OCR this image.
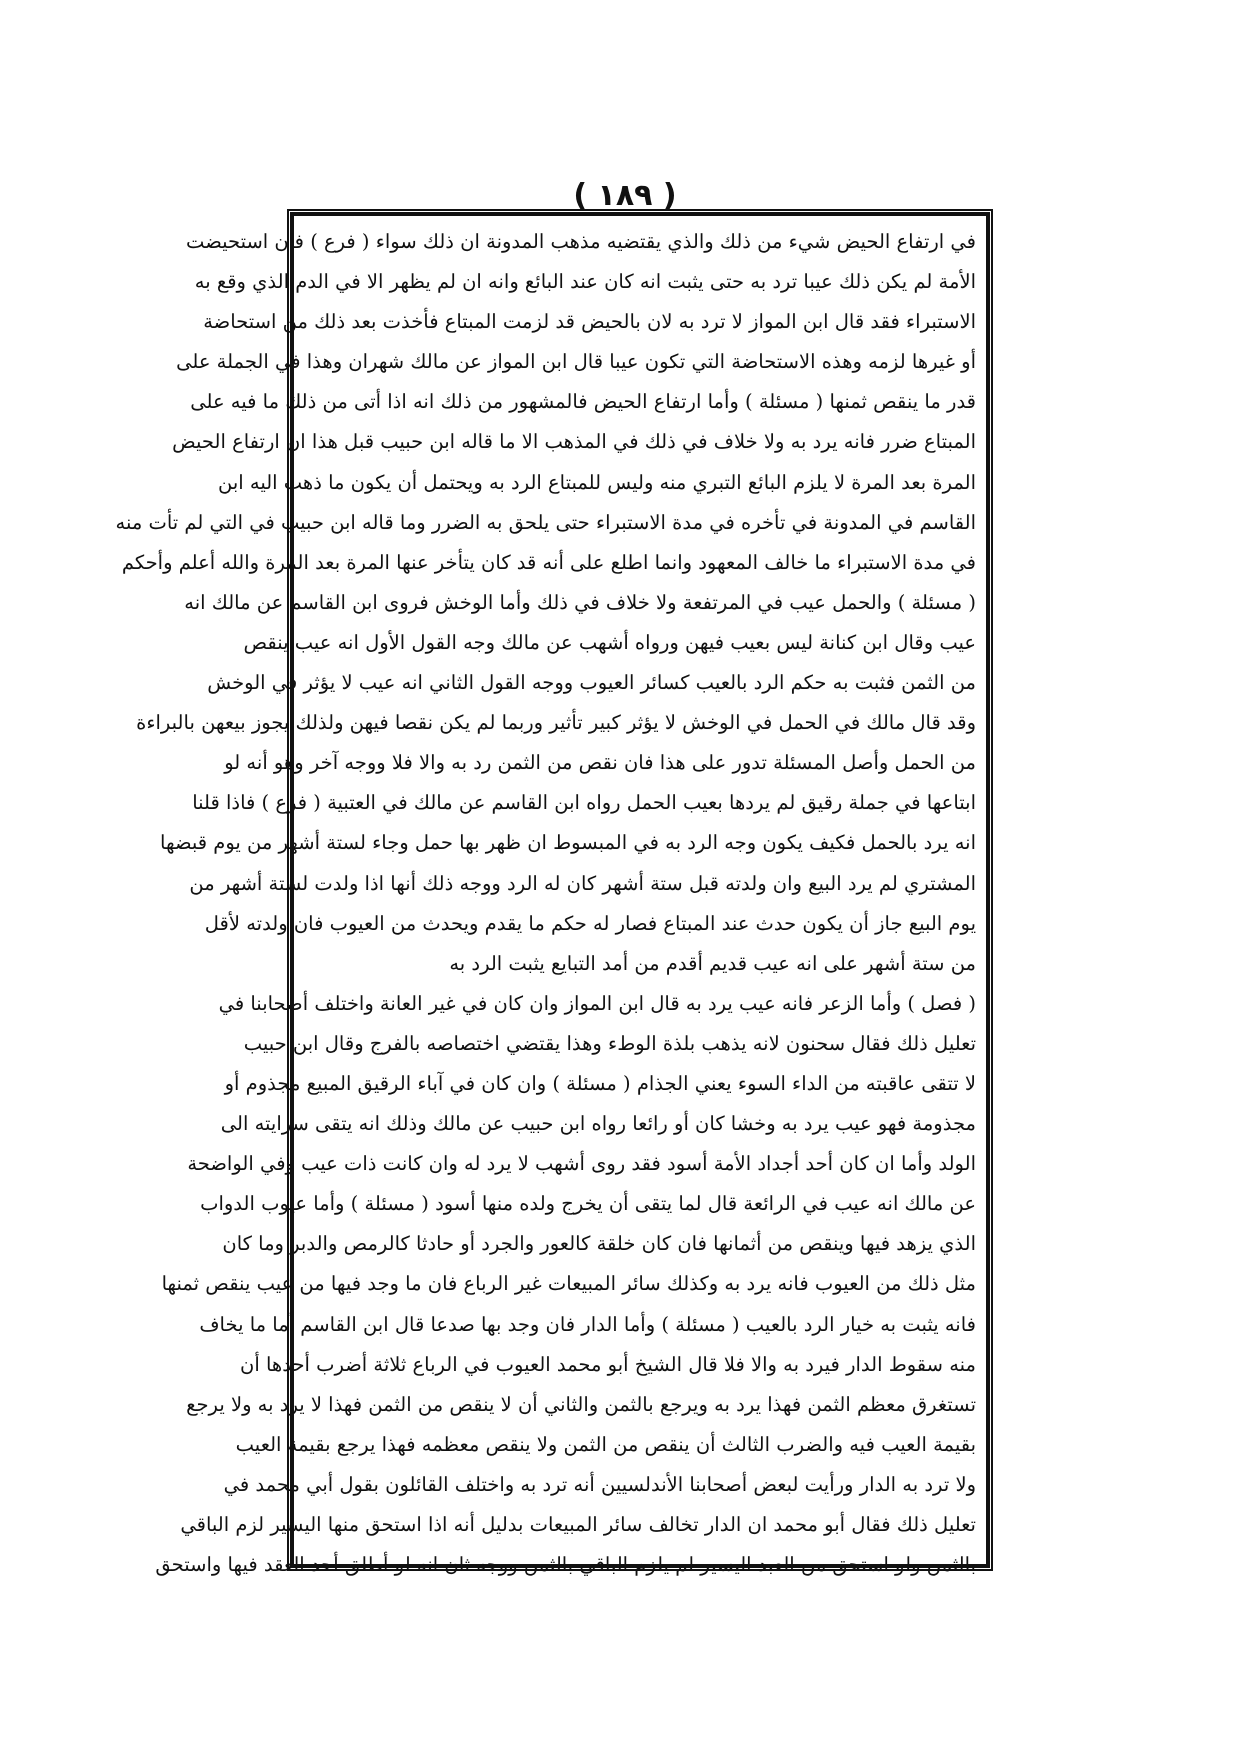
( ١٨٩ )
في ارتفاع الحيض شيء من ذلك والذي يقتضيه مذهب المدونة ان ذلك سواء ( فرع ) فان استحيضت
الأمة لم يكن ذلك عيبا ترد به حتى يثبت انه كان عند البائع وانه ان لم يظهر الا في الدم الذي وقع به
الاستبراء فقد قال ابن المواز لا ترد به لان بالحيض قد لزمت المبتاع فأخذت بعد ذلك من استحاضة
أو غيرها لزمه وهذه الاستحاضة التي تكون عيبا قال ابن المواز عن مالك شهران وهذا في الجملة على
قدر ما ينقص ثمنها ( مسئلة ) وأما ارتفاع الحيض فالمشهور من ذلك انه اذا أتى من ذلك ما فيه على
المبتاع ضرر فانه يرد به ولا خلاف في ذلك في المذهب الا ما قاله ابن حبيب قبل هذا ان ارتفاع الحيض
المرة بعد المرة لا يلزم البائع التبري منه وليس للمبتاع الرد به ويحتمل أن يكون ما ذهب اليه ابن
القاسم في المدونة في تأخره في مدة الاستبراء حتى يلحق به الضرر وما قاله ابن حبيب في التي لم تأت منه
في مدة الاستبراء ما خالف المعهود وانما اطلع على أنه قد كان يتأخر عنها المرة بعد المرة والله أعلم وأحكم
( مسئلة ) والحمل عيب في المرتفعة ولا خلاف في ذلك وأما الوخش فروى ابن القاسم عن مالك انه
عيب وقال ابن كنانة ليس بعيب فيهن ورواه أشهب عن مالك وجه القول الأول انه عيب ينقص
من الثمن فثبت به حكم الرد بالعيب كسائر العيوب ووجه القول الثاني انه عيب لا يؤثر في الوخش
وقد قال مالك في الحمل في الوخش لا يؤثر كبير تأثير وربما لم يكن نقصا فيهن ولذلك يجوز بيعهن بالبراءة
من الحمل وأصل المسئلة تدور على هذا فان نقص من الثمن رد به والا فلا ووجه آخر وهو أنه لو
ابتاعها في جملة رقيق لم يردها بعيب الحمل رواه ابن القاسم عن مالك في العتبية ( فرع ) فاذا قلنا
انه يرد بالحمل فكيف يكون وجه الرد به في المبسوط ان ظهر بها حمل وجاء لستة أشهر من يوم قبضها
المشتري لم يرد البيع وان ولدته قبل ستة أشهر كان له الرد ووجه ذلك أنها اذا ولدت لستة أشهر من
يوم البيع جاز أن يكون حدث عند المبتاع فصار له حكم ما يقدم ويحدث من العيوب فان ولدته لأقل
من ستة أشهر على انه عيب قديم أقدم من أمد التبايع يثبت الرد به
( فصل ) وأما الزعر فانه عيب يرد به قال ابن المواز وان كان في غير العانة واختلف أصحابنا في
تعليل ذلك فقال سحنون لانه يذهب بلذة الوطء وهذا يقتضي اختصاصه بالفرج وقال ابن حبيب
لا تتقى عاقبته من الداء السوء يعني الجذام ( مسئلة ) وان كان في آباء الرقيق المبيع مجذوم أو
مجذومة فهو عيب يرد به وخشا كان أو رائعا رواه ابن حبيب عن مالك وذلك انه يتقى سرايته الى
الولد وأما ان كان أحد أجداد الأمة أسود فقد روى أشهب لا يرد له وان كانت ذات عيب وفي الواضحة
عن مالك انه عيب في الرائعة قال لما يتقى أن يخرج ولده منها أسود ( مسئلة ) وأما عيوب الدواب
الذي يزهد فيها وينقص من أثمانها فان كان خلقة كالعور والجرد أو حادثا كالرمص والدبر وما كان
مثل ذلك من العيوب فانه يرد به وكذلك سائر المبيعات غير الرباع فان ما وجد فيها من عيب ينقص ثمنها
فانه يثبت به خيار الرد بالعيب ( مسئلة ) وأما الدار فان وجد بها صدعا قال ابن القاسم أما ما يخاف
منه سقوط الدار فيرد به والا فلا قال الشيخ أبو محمد العيوب في الرباع ثلاثة أضرب أحدها أن
تستغرق معظم الثمن فهذا يرد به ويرجع بالثمن والثاني أن لا ينقص من الثمن فهذا لا يرد به ولا يرجع
بقيمة العيب فيه والضرب الثالث أن ينقص من الثمن ولا ينقص معظمه فهذا يرجع بقيمة العيب
ولا ترد به الدار ورأيت لبعض أصحابنا الأندلسيين أنه ترد به واختلف القائلون بقول أبي محمد في
تعليل ذلك فقال أبو محمد ان الدار تخالف سائر المبيعات بدليل أنه اذا استحق منها اليسير لزم الباقي
بالثمن ولو استحق من العبد اليسير لم يلزم الباقي بالثمن ووجه ثان انه لو أطلق أحد العقد فيها واستحق
